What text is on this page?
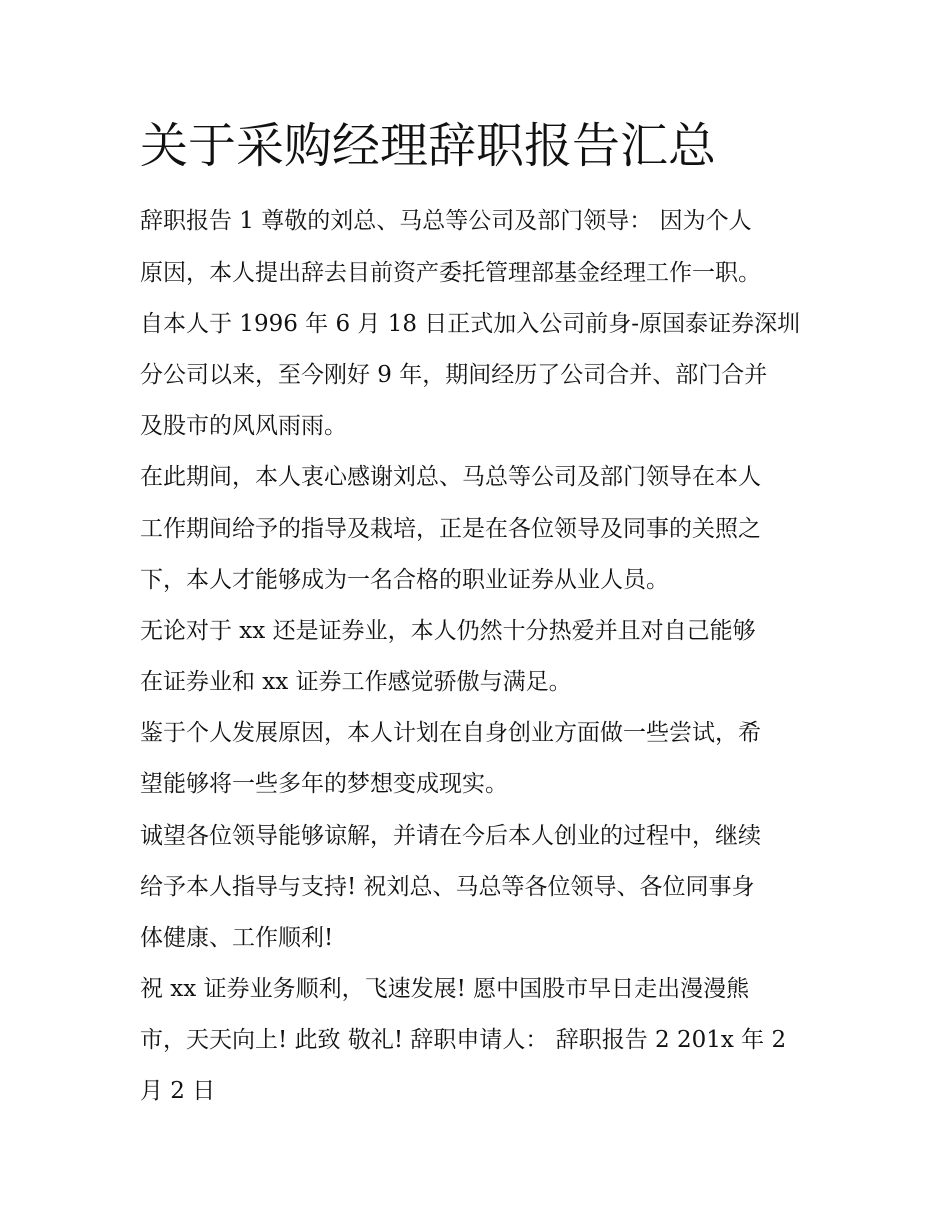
关于采购经理辞职报告汇总

辞职报告 1 尊敬的刘总、马总等公司及部门领导： 因为个人

原因，本人提出辞去目前资产委托管理部基金经理工作一职。

自本人于 1996 年 6 月 18 日正式加入公司前身-原国泰证券深圳

分公司以来，至今刚好 9 年，期间经历了公司合并、部门合并

及股市的风风雨雨。

在此期间，本人衷心感谢刘总、马总等公司及部门领导在本人

工作期间给予的指导及栽培，正是在各位领导及同事的关照之

下，本人才能够成为一名合格的职业证券从业人员。

无论对于 xx 还是证券业，本人仍然十分热爱并且对自己能够

在证券业和 xx 证券工作感觉骄傲与满足。

鉴于个人发展原因，本人计划在自身创业方面做一些尝试，希

望能够将一些多年的梦想变成现实。

诚望各位领导能够谅解，并请在今后本人创业的过程中，继续

给予本人指导与支持! 祝刘总、马总等各位领导、各位同事身

体健康、工作顺利!

祝 xx 证券业务顺利，飞速发展! 愿中国股市早日走出漫漫熊

市，天天向上! 此致 敬礼! 辞职申请人： 辞职报告 2 201x 年 2

月 2 日
